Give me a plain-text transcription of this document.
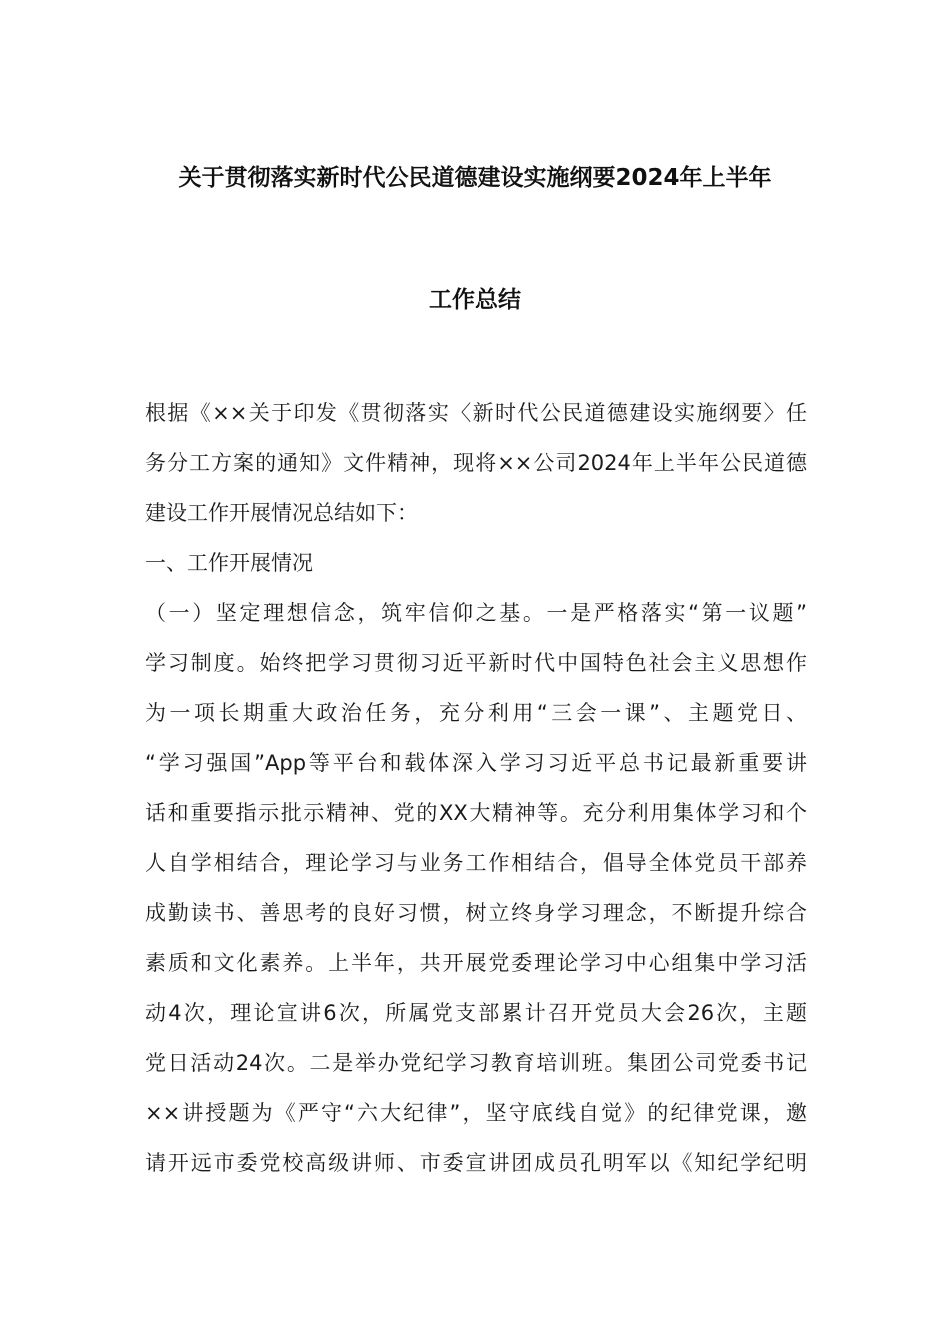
关于贯彻落实新时代公民道德建设实施纲要2024年上半年
工作总结
根据《××关于印发《贯彻落实〈新时代公民道德建设实施纲要〉任
务分工方案的通知》文件精神，现将××公司2024年上半年公民道德
建设工作开展情况总结如下：
一、工作开展情况
（一）坚定理想信念，筑牢信仰之基。一是严格落实“第一议题”
学习制度。始终把学习贯彻习近平新时代中国特色社会主义思想作
为一项长期重大政治任务，充分利用“三会一课”、主题党日、
“学习强国”App等平台和载体深入学习习近平总书记最新重要讲
话和重要指示批示精神、党的XX大精神等。充分利用集体学习和个
人自学相结合，理论学习与业务工作相结合，倡导全体党员干部养
成勤读书、善思考的良好习惯，树立终身学习理念，不断提升综合
素质和文化素养。上半年，共开展党委理论学习中心组集中学习活
动4次，理论宣讲6次，所属党支部累计召开党员大会26次，主题
党日活动24次。二是举办党纪学习教育培训班。集团公司党委书记
××讲授题为《严守“六大纪律”，坚守底线自觉》的纪律党课，邀
请开远市委党校高级讲师、市委宣讲团成员孔明军以《知纪学纪明
